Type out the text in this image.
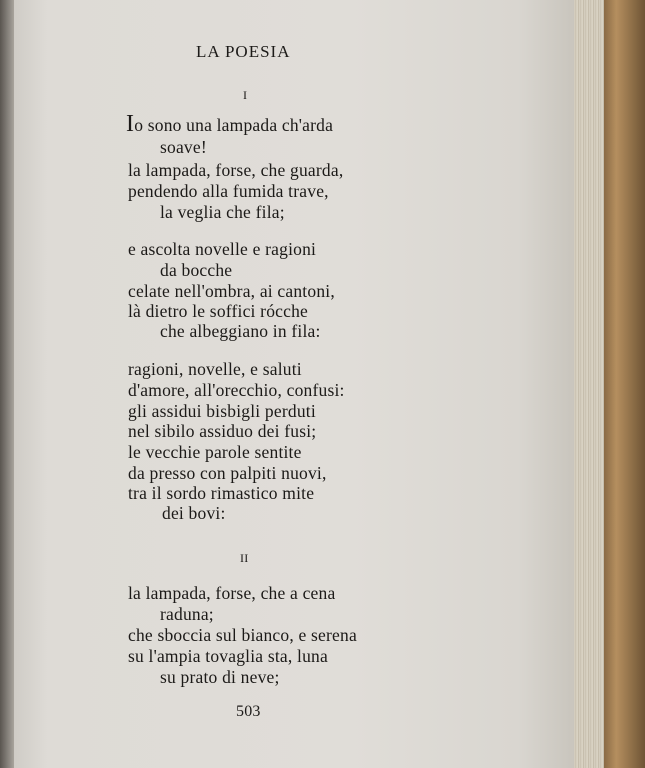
LA POESIA
I
Io sono una lampada ch'arda
soave!
la lampada, forse, che guarda,
pendendo alla fumida trave,
la veglia che fila;
e ascolta novelle e ragioni
da bocche
celate nell'ombra, ai cantoni,
là dietro le soffici rócche
che albeggiano in fila:
ragioni, novelle, e saluti
d'amore, all'orecchio, confusi:
gli assidui bisbigli perduti
nel sibilo assiduo dei fusi;
le vecchie parole sentite
da presso con palpiti nuovi,
tra il sordo rimastico mite
dei bovi:
II
la lampada, forse, che a cena
raduna;
che sboccia sul bianco, e serena
su l'ampia tovaglia sta, luna
su prato di neve;
503
